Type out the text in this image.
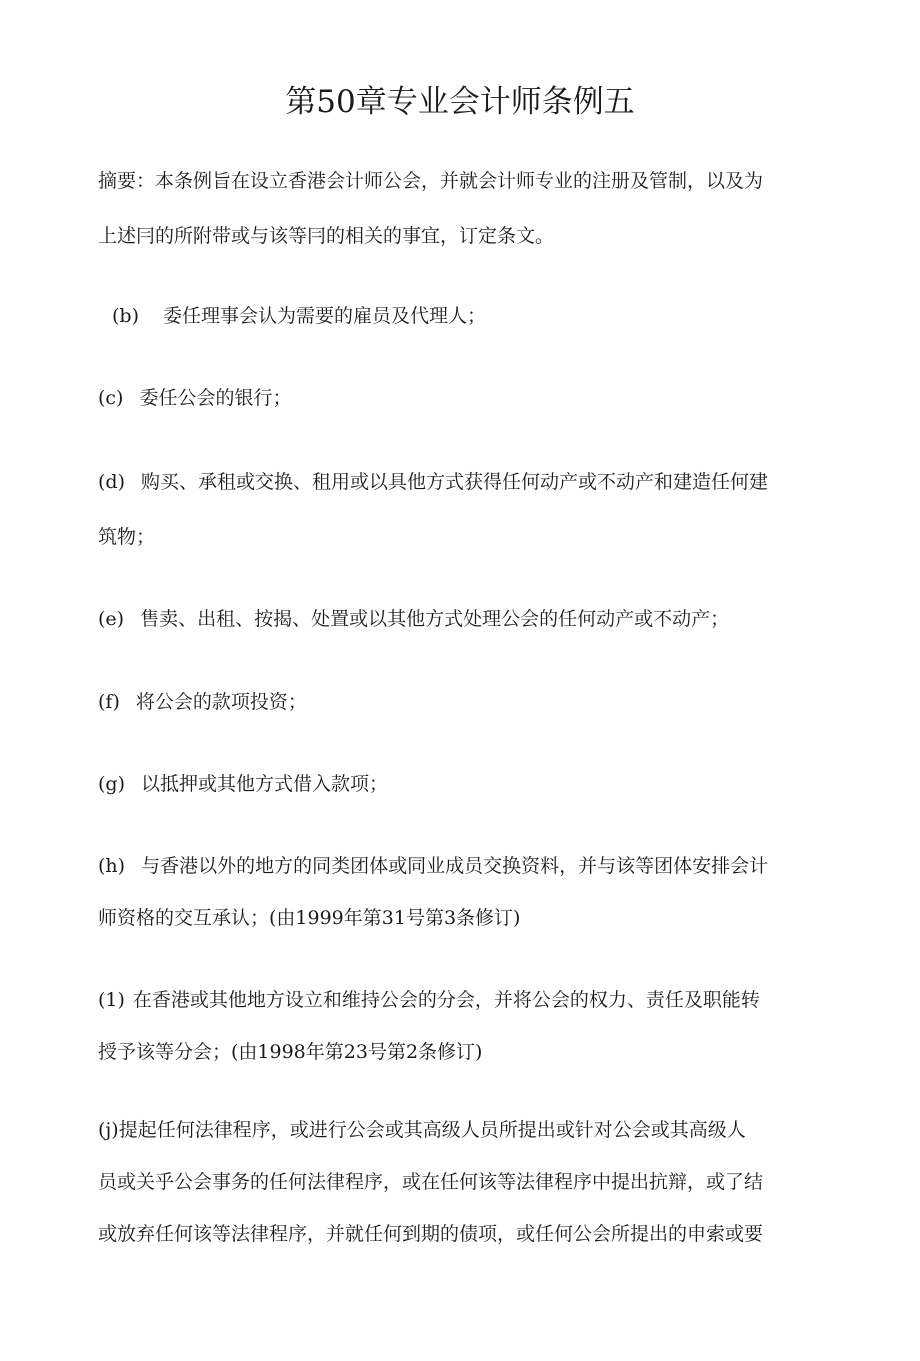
第50章专业会计师条例五

摘要：本条例旨在设立香港会计师公会，并就会计师专业的注册及管制，以及为

上述冃的所附带或与该等冃的相关的事宜，订定条文。

(b) 委任理事会认为需要的雇员及代理人；

(c) 委任公会的银行；

(d) 购买、承租或交换、租用或以具他方式获得任何动产或不动产和建造任何建

筑物；

(e) 售卖、出租、按揭、处置或以其他方式处理公会的任何动产或不动产；

(f) 将公会的款项投资；

(g) 以抵押或其他方式借入款项；

(h) 与香港以外的地方的同类团体或同业成员交换资料，并与该等团体安排会计

师资格的交互承认；(由1999年第31号第3条修订)

(1) 在香港或其他地方设立和维持公会的分会，并将公会的权力、责任及职能转

授予该等分会；(由1998年第23号第2条修订)

(j)提起任何法律程序，或进行公会或其高级人员所提出或针对公会或其高级人

员或关乎公会事务的任何法律程序，或在任何该等法律程序中提出抗辩，或了结

或放弃任何该等法律程序，并就任何到期的债项，或任何公会所提出的申索或要
